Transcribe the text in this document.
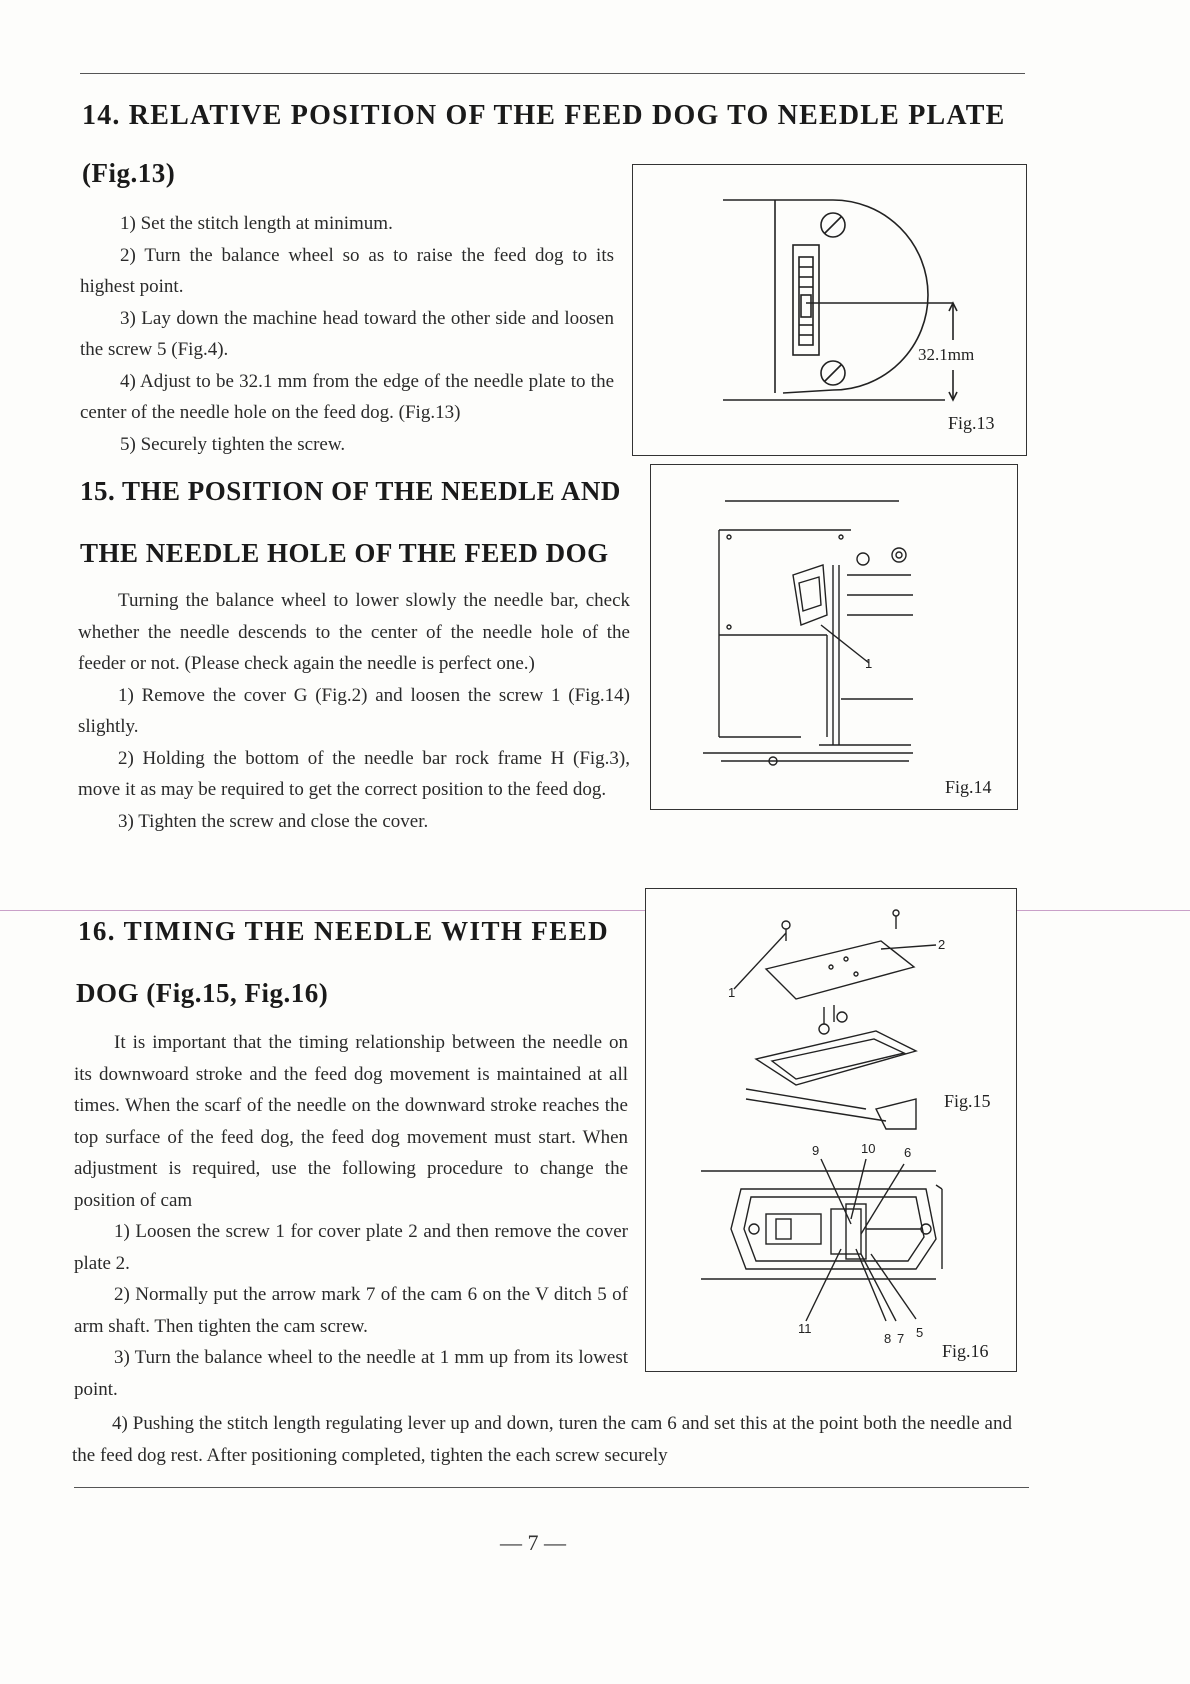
14. RELATIVE POSITION OF THE FEED DOG TO NEEDLE PLATE
(Fig.13)

1) Set the stitch length at minimum.

2) Turn the balance wheel so as to raise the feed dog to its highest point.

3) Lay down the machine head toward the other side and loosen the screw 5 (Fig.4).

4) Adjust to be 32.1 mm from the edge of the needle plate to the center of the needle hole on the feed dog. (Fig.13)

5) Securely tighten the screw.

32.1mm
Fig.13
15. THE POSITION OF THE NEEDLE AND
THE NEEDLE HOLE OF THE FEED DOG

Turning the balance wheel to lower slowly the needle bar, check whether the needle descends to the center of the needle hole of the feeder or not. (Please check again the needle is perfect one.)

1) Remove the cover G (Fig.2) and loosen the screw 1 (Fig.14) slightly.

2) Holding the bottom of the needle bar rock frame H (Fig.3), move it as may be required to get the correct position to the feed dog.

3) Tighten the screw and close the cover.

1
Fig.14
16. TIMING THE NEEDLE WITH FEED
DOG (Fig.15, Fig.16)

It is important that the timing relationship between the needle on its downwoard stroke and the feed dog movement is maintained at all times. When the scarf of the needle on the downward stroke reaches the top surface of the feed dog, the feed dog movement must start. When adjustment is required, use the following procedure to change the position of cam

1) Loosen the screw 1 for cover plate 2 and then remove the cover plate 2.

2) Normally put the arrow mark 7 of the cam 6 on the V ditch 5 of arm shaft. Then tighten the cam screw.

3) Turn the balance wheel to the needle at 1 mm up from its lowest point.

4) Pushing the stitch length regulating lever up and down, turen the cam 6 and set this at the point both the needle and the feed dog rest. After positioning completed, tighten the each screw securely

1
2
Fig.15
9	10 6
11
8 7 5
Fig.16
— 7 —
